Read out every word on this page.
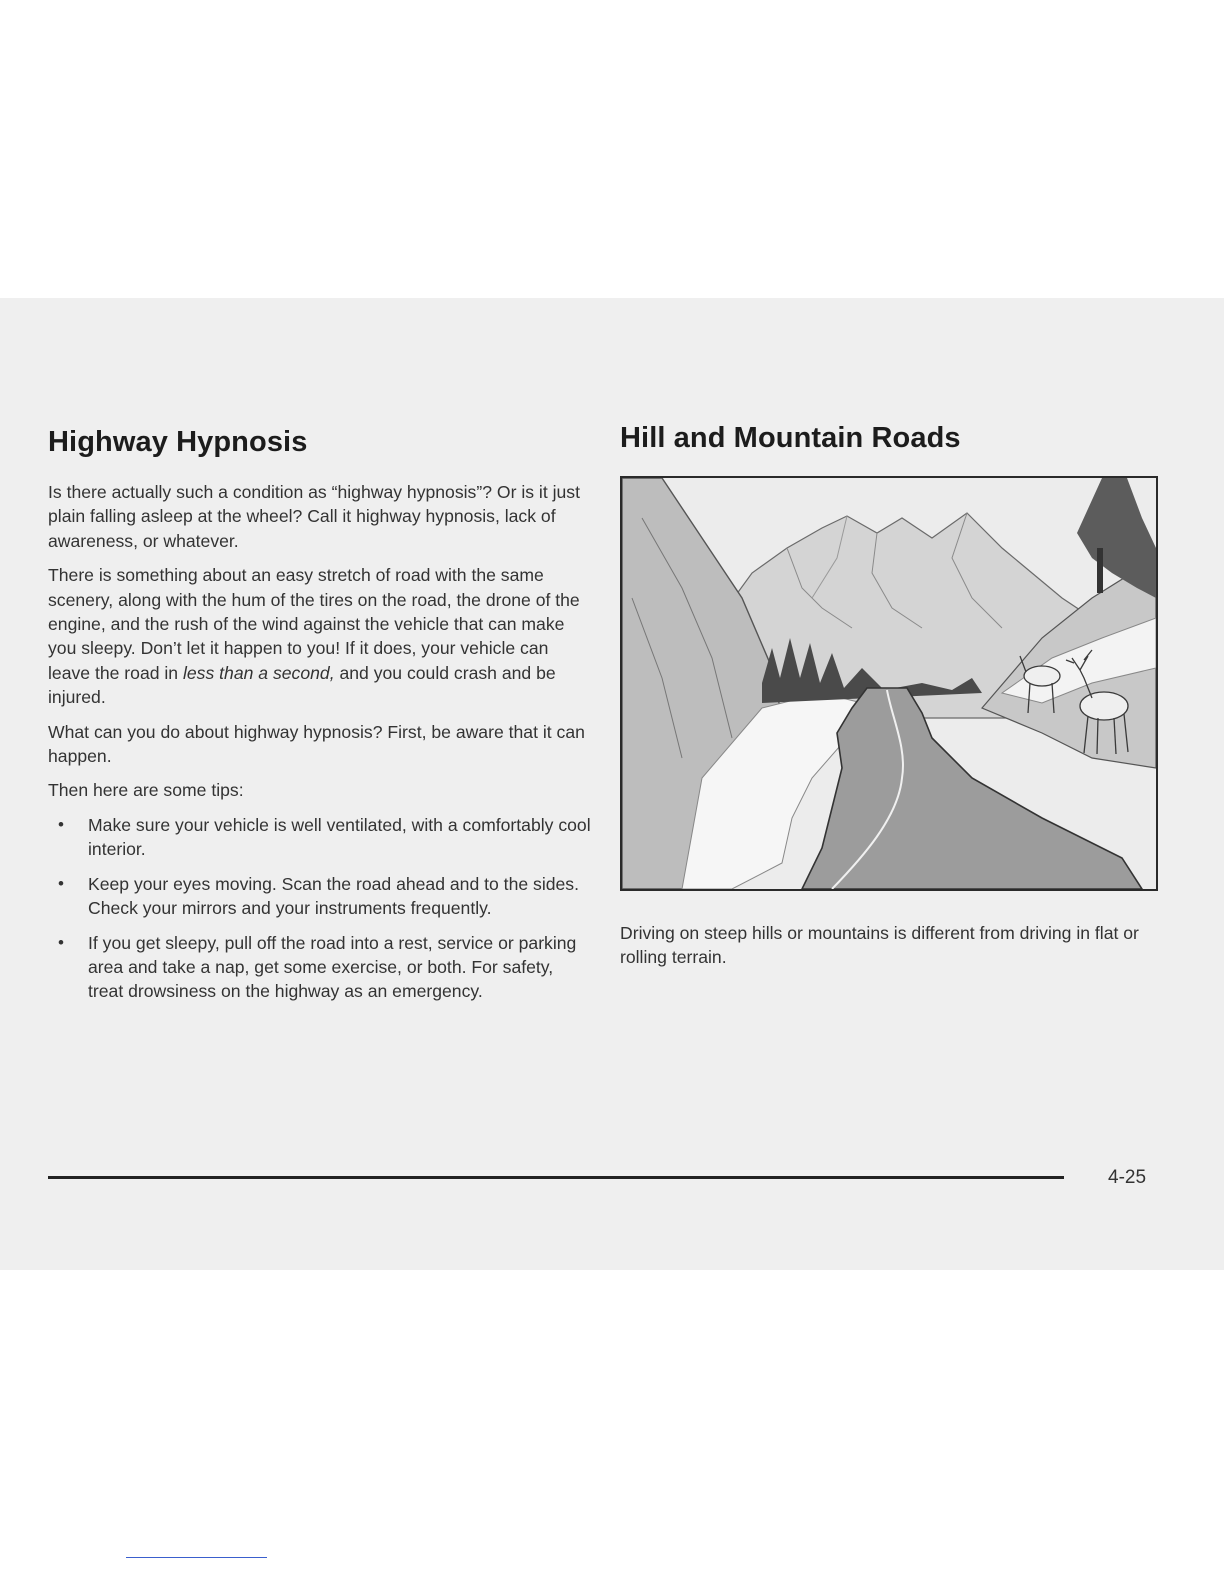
Highway Hypnosis

Is there actually such a condition as “highway hypnosis”? Or is it just plain falling asleep at the wheel? Call it highway hypnosis, lack of awareness, or whatever.

There is something about an easy stretch of road with the same scenery, along with the hum of the tires on the road, the drone of the engine, and the rush of the wind against the vehicle that can make you sleepy. Don’t let it happen to you! If it does, your vehicle can leave the road in less than a second, and you could crash and be injured.

What can you do about highway hypnosis? First, be aware that it can happen.

Then here are some tips:

• Make sure your vehicle is well ventilated, with a comfortably cool interior.
• Keep your eyes moving. Scan the road ahead and to the sides. Check your mirrors and your instruments frequently.
• If you get sleepy, pull off the road into a rest, service or parking area and take a nap, get some exercise, or both. For safety, treat drowsiness on the highway as an emergency.
Hill and Mountain Roads

Driving on steep hills or mountains is different from driving in flat or rolling terrain.

4-25
